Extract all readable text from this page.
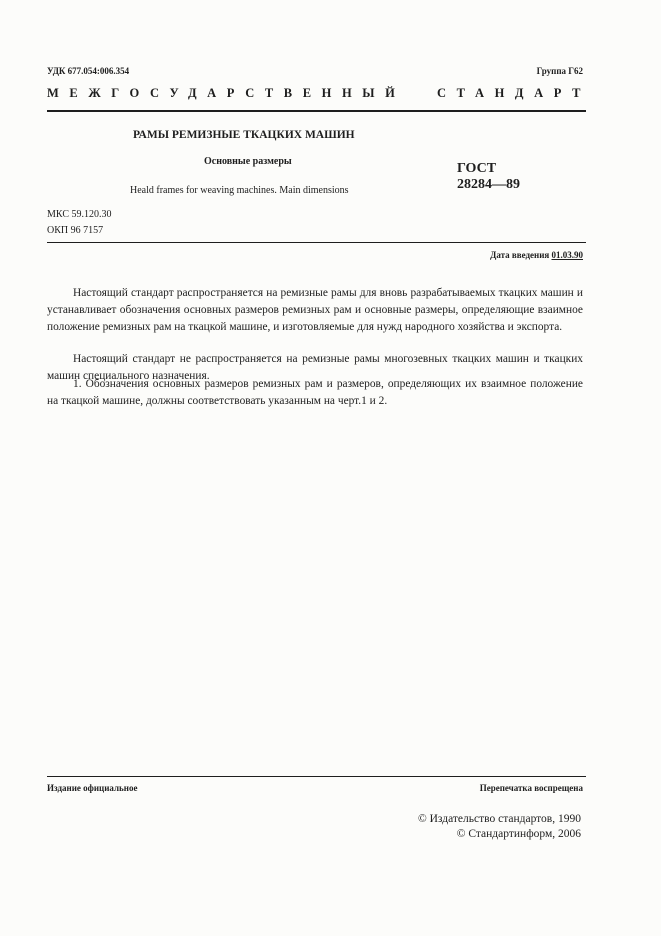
УДК 677.054:006.354	Группа Г62
МЕЖГОСУДАРСТВЕННЫЙ	СТАНДАРТ
РАМЫ РЕМИЗНЫЕ ТКАЦКИХ МАШИН
Основные размеры
Heald frames for weaving machines. Main dimensions
ГОСТ
28284—89
МКС 59.120.30
ОКП 96 7157
Дата введения 01.03.90

Настоящий стандарт распространяется на ремизные рамы для вновь разрабатываемых ткацких машин и устанавливает обозначения основных размеров ремизных рам и основные размеры, определяющие взаимное положение ремизных рам на ткацкой машине, и изготовляемые для нужд народного хозяйства и экспорта.

Настоящий стандарт не распространяется на ремизные рамы многозевных ткацких машин и ткацких машин специального назначения.

1. Обозначения основных размеров ремизных рам и размеров, определяющих их взаимное положение на ткацкой машине, должны соответствовать указанным на черт.1 и 2.

Издание официальное	Перепечатка воспрещена
© Издательство стандартов, 1990
© Стандартинформ, 2006
